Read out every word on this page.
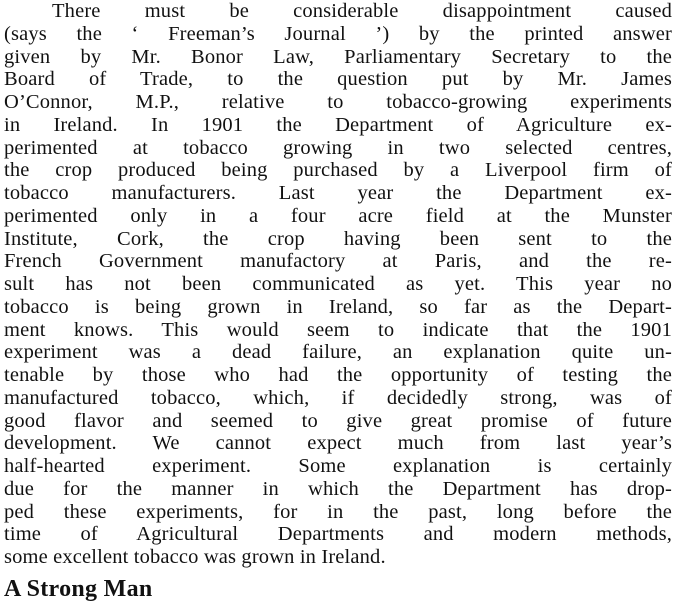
There must be considerable disappointment caused
(says the ‘ Freeman’s Journal ’) by the printed answer
given by Mr. Bonor Law, Parliamentary Secretary to the
Board of Trade, to the question put by Mr. James
O’Connor, M.P., relative to tobacco-growing experiments
in Ireland. In 1901 the Department of Agriculture ex-
perimented at tobacco growing in two selected centres,
the crop produced being purchased by a Liverpool firm of
tobacco manufacturers. Last year the Department ex-
perimented only in a four acre field at the Munster
Institute, Cork, the crop having been sent to the
French Government manufactory at Paris, and the re-
sult has not been communicated as yet. This year no
tobacco is being grown in Ireland, so far as the Depart-
ment knows. This would seem to indicate that the 1901
experiment was a dead failure, an explanation quite un-
tenable by those who had the opportunity of testing the
manufactured tobacco, which, if decidedly strong, was of
good flavor and seemed to give great promise of future
development. We cannot expect much from last year’s
half-hearted experiment. Some explanation is certainly
due for the manner in which the Department has drop-
ped these experiments, for in the past, long before the
time of Agricultural Departments and modern methods,
some excellent tobacco was grown in Ireland.
A Strong Man
